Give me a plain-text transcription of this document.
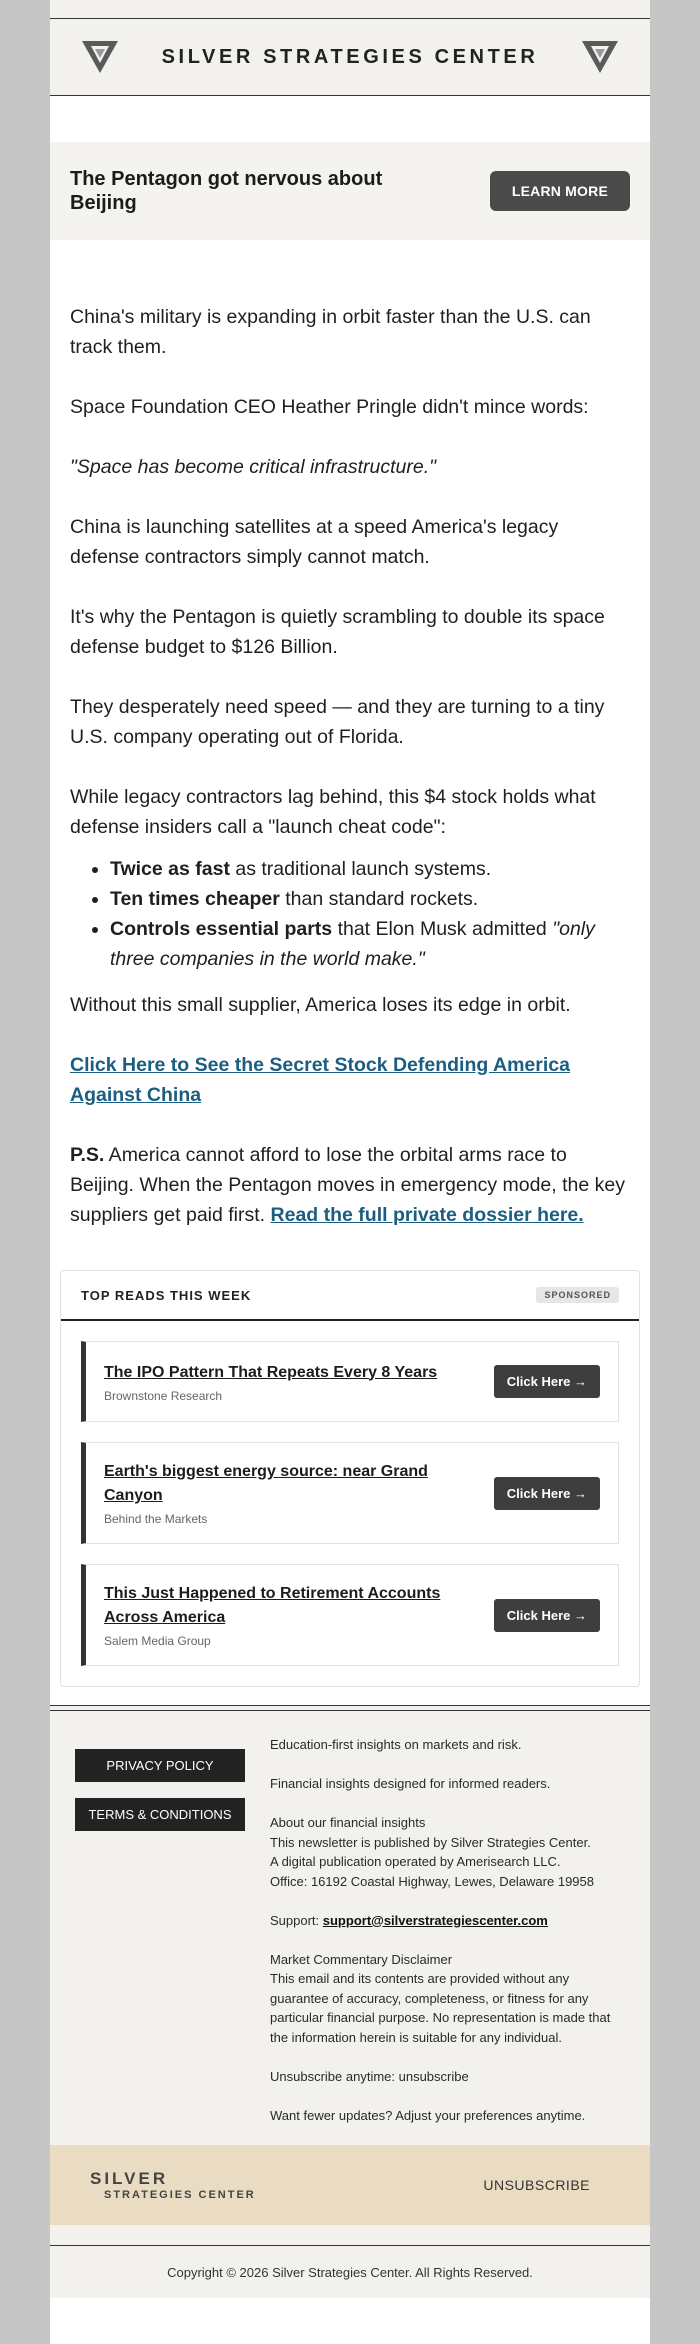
SILVER STRATEGIES CENTER
The Pentagon got nervous about Beijing
LEARN MORE

China's military is expanding in orbit faster than the U.S. can track them.

Space Foundation CEO Heather Pringle didn't mince words:

"Space has become critical infrastructure."

China is launching satellites at a speed America's legacy defense contractors simply cannot match.

It's why the Pentagon is quietly scrambling to double its space defense budget to $126 Billion.

They desperately need speed — and they are turning to a tiny U.S. company operating out of Florida.

While legacy contractors lag behind, this $4 stock holds what defense insiders call a "launch cheat code":

• Twice as fast as traditional launch systems.
• Ten times cheaper than standard rockets.
• Controls essential parts that Elon Musk admitted "only three companies in the world make."

Without this small supplier, America loses its edge in orbit.

Click Here to See the Secret Stock Defending America Against China

P.S. America cannot afford to lose the orbital arms race to Beijing. When the Pentagon moves in emergency mode, the key suppliers get paid first. Read the full private dossier here.

TOP READS THIS WEEK	SPONSORED
The IPO Pattern That Repeats Every 8 Years
Brownstone Research
Click Here →
Earth's biggest energy source: near Grand Canyon
Behind the Markets
Click Here →
This Just Happened to Retirement Accounts Across America
Salem Media Group
Click Here →
PRIVACY POLICY
TERMS & CONDITIONS

Education-first insights on markets and risk.

Financial insights designed for informed readers.

About our financial insights
This newsletter is published by Silver Strategies Center.
A digital publication operated by Amerisearch LLC.
Office: 16192 Coastal Highway, Lewes, Delaware 19958

Support: support@silverstrategiescenter.com

Market Commentary Disclaimer
This email and its contents are provided without any guarantee of accuracy, completeness, or fitness for any particular financial purpose. No representation is made that the information herein is suitable for any individual.

Unsubscribe anytime: unsubscribe

Want fewer updates? Adjust your preferences anytime.

SILVER
STRATEGIES CENTER
UNSUBSCRIBE
Copyright © 2026 Silver Strategies Center. All Rights Reserved.
